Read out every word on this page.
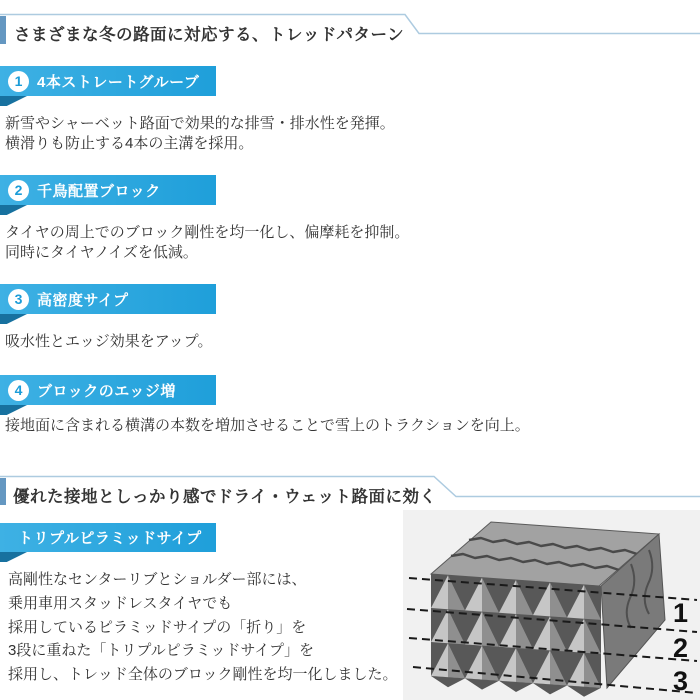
さまざまな冬の路面に対応する、トレッドパターン
1 4本ストレートグルーブ

新雪やシャーベット路面で効果的な排雪・排水性を発揮。

横滑りも防止する4本の主溝を採用。

2 千鳥配置ブロック

タイヤの周上でのブロック剛性を均一化し、偏摩耗を抑制。

同時にタイヤノイズを低減。

3 高密度サイプ

吸水性とエッジ効果をアップ。

4 ブロックのエッジ増

接地面に含まれる横溝の本数を増加させることで雪上のトラクションを向上。

優れた接地としっかり感でドライ・ウェット路面に効く
トリプルピラミッドサイプ

高剛性なセンターリブとショルダー部には、

乗用車用スタッドレスタイヤでも

採用しているピラミッドサイプの「折り」を

3段に重ねた「トリプルピラミッドサイプ」を

採用し、トレッド全体のブロック剛性を均一化しました。

1
2
3
